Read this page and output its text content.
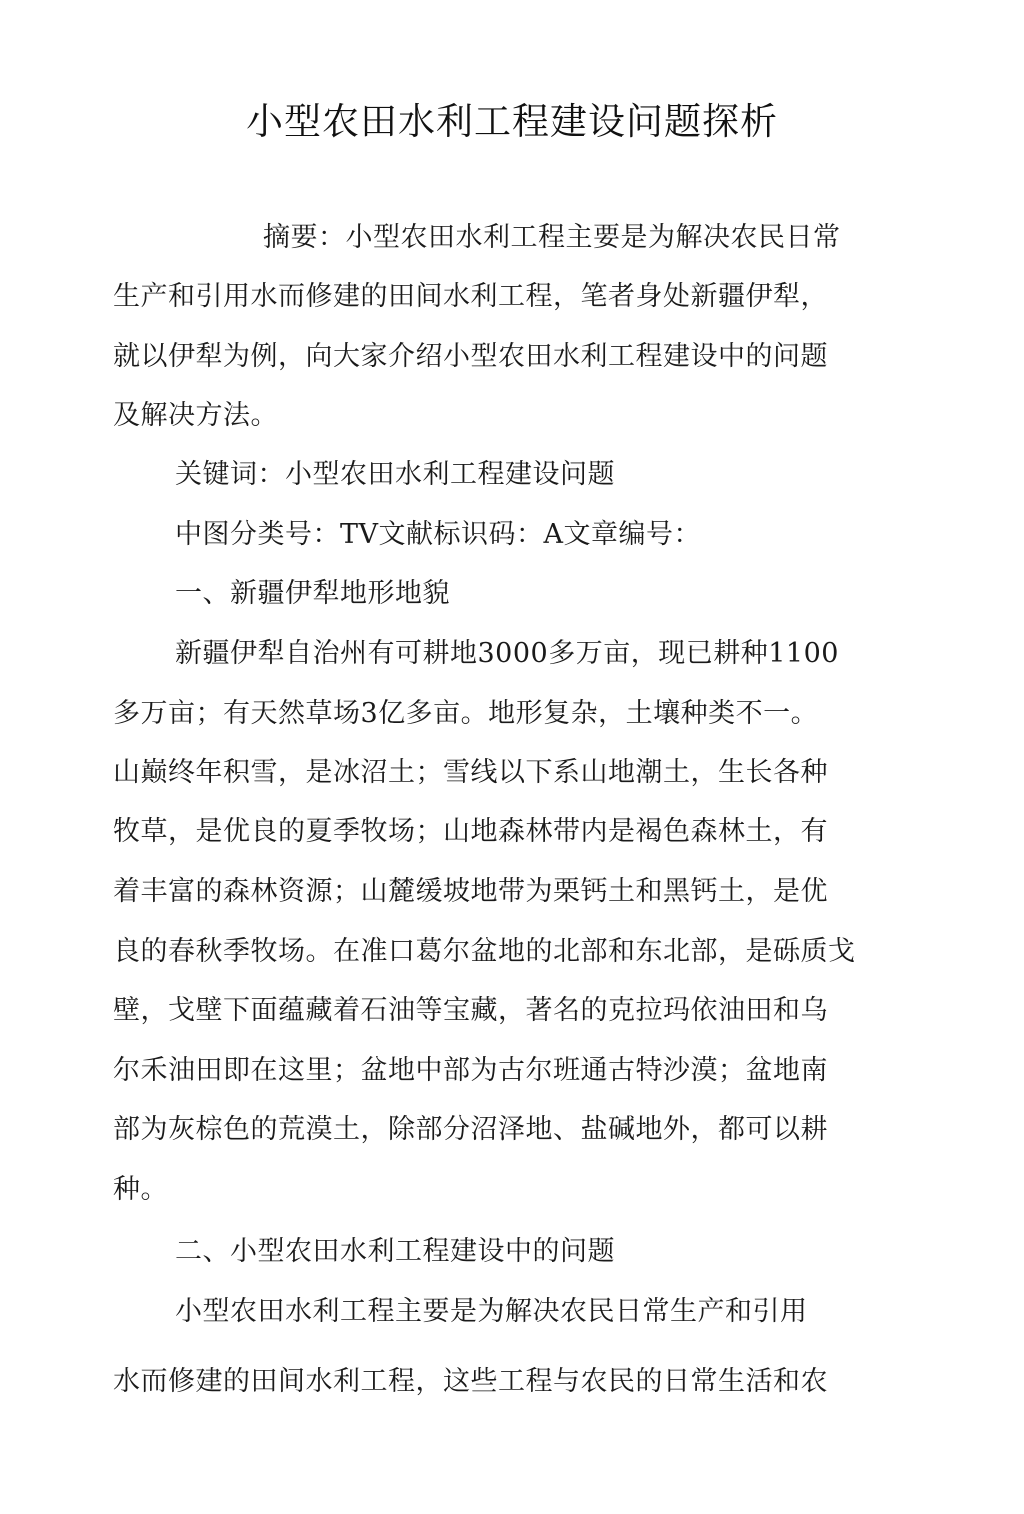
小型农田水利工程建设问题探析
摘要：小型农田水利工程主要是为解决农民日常
生产和引用水而修建的田间水利工程，笔者身处新疆伊犁，
就以伊犁为例，向大家介绍小型农田水利工程建设中的问题
及解决方法。
关键词：小型农田水利工程建设问题
中图分类号：TV文献标识码：A文章编号：
一、新疆伊犁地形地貌
新疆伊犁自治州有可耕地3000多万亩，现已耕种1100
多万亩；有天然草场3亿多亩。地形复杂，土壤种类不一。
山巅终年积雪，是冰沼土；雪线以下系山地潮土，生长各种
牧草，是优良的夏季牧场；山地森林带内是褐色森林土，有
着丰富的森林资源；山麓缓坡地带为栗钙土和黑钙土，是优
良的春秋季牧场。在准口葛尔盆地的北部和东北部，是砾质戈
壁，戈壁下面蕴藏着石油等宝藏，著名的克拉玛依油田和乌
尔禾油田即在这里；盆地中部为古尔班通古特沙漠；盆地南
部为灰棕色的荒漠土，除部分沼泽地、盐碱地外，都可以耕
种。
二、小型农田水利工程建设中的问题
小型农田水利工程主要是为解决农民日常生产和引用
水而修建的田间水利工程，这些工程与农民的日常生活和农
